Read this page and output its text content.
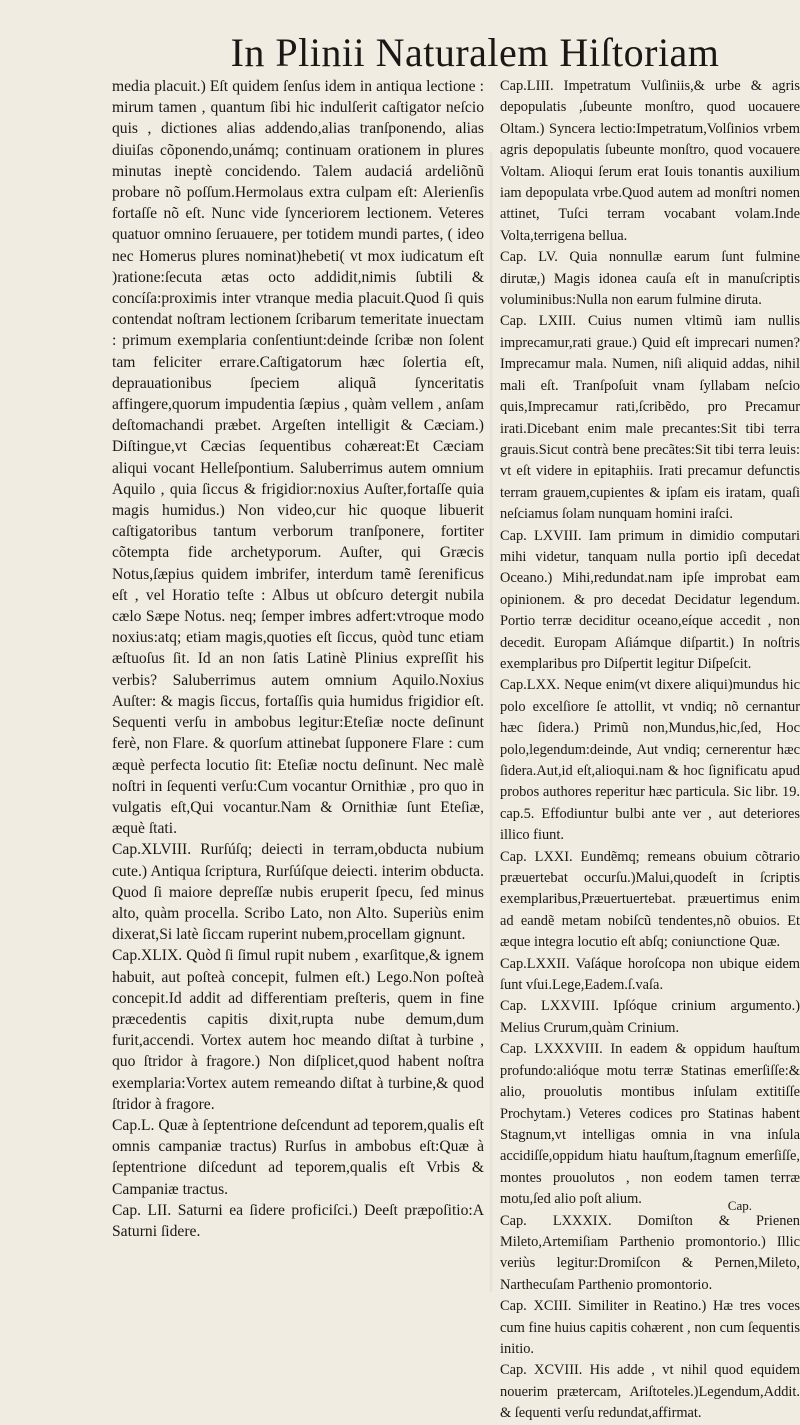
In Plinii Naturalem Hiſtoriam

media placuit.) Eſt quidem ſenſus idem in antiqua lectione : mirum tamen , quantum ſibi hic indulſerit caſtigator neſcio quis , dictiones alias addendo,alias tranſponendo, alias diuiſas cõponendo,unámq; continuam orationem in plures minutas ineptè concidendo. Talem audaciá ardeliõnũ probare nõ poſſum.Hermolaus extra culpam eſt: Alerienſis fortaſſe nõ eſt. Nunc vide ſynceriorem lectionem. Veteres quatuor omnino ſeruauere, per totidem mundi partes, ( ideo nec Homerus plures nominat)hebeti( vt mox iudicatum eſt )ratione:ſecuta ætas octo addidit,nimis ſubtili & concíſa:proximis inter vtranque media placuit.Quod ſi quis contendat noſtram lectionem ſcribarum temeritate inuectam : primum exemplaria conſentiunt:deinde ſcribæ non ſolent tam feliciter errare.Caſtigatorum hæc ſolertia eſt, deprauationibus ſpeciem aliquã ſynceritatis affingere,quorum impudentia ſæpius , quàm vellem , anſam deſtomachandi præbet. Argeſten intelligit & Cæciam.) Diſtingue,vt Cæcias ſequentibus cohæreat:Et Cæciam aliqui vocant Helleſpontium. Saluberrimus autem omnium Aquilo , quia ſiccus & frigidior:noxius Auſter,fortaſſe quia magis humidus.) Non video,cur hic quoque libuerit caſtigatoribus tantum verborum tranſponere, fortiter cõtempta fide archetyporum. Auſter, qui Græcis Notus,ſæpius quidem imbrifer, interdum tamẽ ſerenificus eſt , vel Horatio teſte : Albus ut obſcuro detergit nubila cælo Sæpe Notus. neq; ſemper imbres adfert:vtroque modo noxius:atq; etiam magis,quoties eſt ſiccus, quòd tunc etiam æſtuoſus ſit. Id an non ſatis Latinè Plinius expreſſit his verbis? Saluberrimus autem omnium Aquilo.Noxius Auſter: & magis ſiccus, fortaſſis quia humidus frigidior eſt. Sequenti verſu in ambobus legitur:Eteſiæ nocte deſinunt ferè, non Flare. & quorſum attinebat ſupponere Flare : cum æquè perfecta locutio ſit: Eteſiæ noctu deſinunt. Nec malè noſtri in ſequenti verſu:Cum vocantur Ornithiæ , pro quo in vulgatis eſt,Qui vocantur.Nam & Ornithiæ ſunt Eteſiæ, æquè ſtati.

Cap.XLVIII. Rurſúſq; deiecti in terram,obducta nubium cute.) Antiqua ſcriptura, Rurſúſque deiecti. interim obducta. Quod ſi maiore depreſſæ nubis eruperit ſpecu, ſed minus alto, quàm procella. Scribo Lato, non Alto. Superiùs enim dixerat,Si latè ſiccam ruperint nubem,procellam gignunt.

Cap.XLIX. Quòd ſi ſimul rupit nubem , exarſitque,& ignem habuit, aut poſteà concepit, fulmen eſt.) Lego.Non poſteà concepit.Id addit ad differentiam preſteris, quem in fine præcedentis capitis dixit,rupta nube demum,dum furit,accendi. Vortex autem hoc meando diſtat à turbine , quo ſtridor à fragore.) Non diſplicet,quod habent noſtra exemplaria:Vortex autem remeando diſtat à turbine,& quod ſtridor à fragore.

Cap.L. Quæ à ſeptentrione deſcendunt ad teporem,qualis eſt omnis campaniæ tractus) Rurſus in ambobus eſt:Quæ à ſeptentrione diſcedunt ad teporem,qualis eſt Vrbis & Campaniæ tractus.

Cap. LII. Saturni ea ſidere proficiſci.) Deeſt præpoſitio:A Saturni ſidere.

Cap.LIII. Impetratum Vulſiniis,& urbe & agris depopulatis ,ſubeunte monſtro, quod uocauere Oltam.) Syncera lectio:Impetratum,Volſinios vrbem agris depopulatis ſubeunte monſtro, quod vocauere Voltam. Alioqui ſerum erat Iouis tonantis auxilium iam depopulata vrbe.Quod autem ad monſtri nomen attinet, Tuſci terram vocabant volam.Inde Volta,terrigena bellua.

Cap. LV. Quia nonnullæ earum ſunt fulmine dirutæ,) Magis idonea cauſa eſt in manuſcriptis voluminibus:Nulla non earum fulmine diruta.

Cap. LXIII. Cuius numen vltimũ iam nullis imprecamur,rati graue.) Quid eſt imprecari numen? Imprecamur mala. Numen, niſi aliquid addas, nihil mali eſt. Tranſpoſuit vnam ſyllabam neſcio quis,Imprecamur rati,ſcribẽdo, pro Precamur irati.Dicebant enim male precantes:Sit tibi terra grauis.Sicut contrà bene precãtes:Sit tibi terra leuis: vt eſt videre in epitaphiis. Irati precamur defunctis terram grauem,cupientes & ipſam eis iratam, quaſi neſciamus ſolam nunquam homini iraſci.

Cap. LXVIII. Iam primum in dimidio computari mihi videtur, tanquam nulla portio ipſi decedat Oceano.) Mihi,redundat.nam ipſe improbat eam opinionem. & pro decedat Decidatur legendum. Portio terræ deciditur oceano,eíque accedit , non decedit. Europam Aſiámque diſpartit.) In noſtris exemplaribus pro Diſpertit legitur Diſpeſcit.

Cap.LXX. Neque enim(vt dixere aliqui)mundus hic polo excelſiore ſe attollit, vt vndiq; nõ cernantur hæc ſidera.) Primũ non,Mundus,hic,ſed, Hoc polo,legendum:deinde, Aut vndiq; cernerentur hæc ſidera.Aut,id eſt,alioqui.nam & hoc ſignificatu apud probos authores reperitur hæc particula. Sic libr. 19. cap.5. Effodiuntur bulbi ante ver , aut deteriores illico fiunt.

Cap. LXXI. Eundẽmq; remeans obuium cõtrario præuertebat occurſu.)Malui,quodeſt in ſcriptis exemplaribus,Præuertuertebat. præuertimus enim ad eandẽ metam nobiſcũ tendentes,nõ obuios. Et æque integra locutio eſt abſq; coniunctione Quæ.

Cap.LXXII. Vaſáque horoſcopa non ubique eidem ſunt vſui.Lege,Eadem.ſ.vaſa.

Cap. LXXVIII. Ipſóque crinium argumento.) Melius Crurum,quàm Crinium.

Cap. LXXXVIII. In eadem & oppidum hauſtum profundo:alióque motu terræ Statinas emerſiſſe:& alio, prouolutis montibus inſulam extitiſſe Prochytam.) Veteres codices pro Statinas habent Stagnum,vt intelligas omnia in vna inſula accidiſſe,oppidum hiatu hauſtum,ſtagnum emerſiſſe, montes prouolutos , non eodem tamen terræ motu,ſed alio poſt alium.

Cap. LXXXIX. Domiſton & Prienen Mileto,Artemiſiam Parthenio promontorio.) Illic veriùs legitur:Dromiſcon & Pernen,Mileto, Narthecuſam Parthenio promontorio.

Cap. XCIII. Similiter in Reatino.) Hæ tres voces cum fine huius capitis cohærent , non cum ſequentis initio.

Cap. XCVIII. His adde , vt nihil quod equidem nouerim prætercam, Ariſtoteles.)Legendum,Addit. & ſequenti verſu redundat,affirmat.

Cap.
